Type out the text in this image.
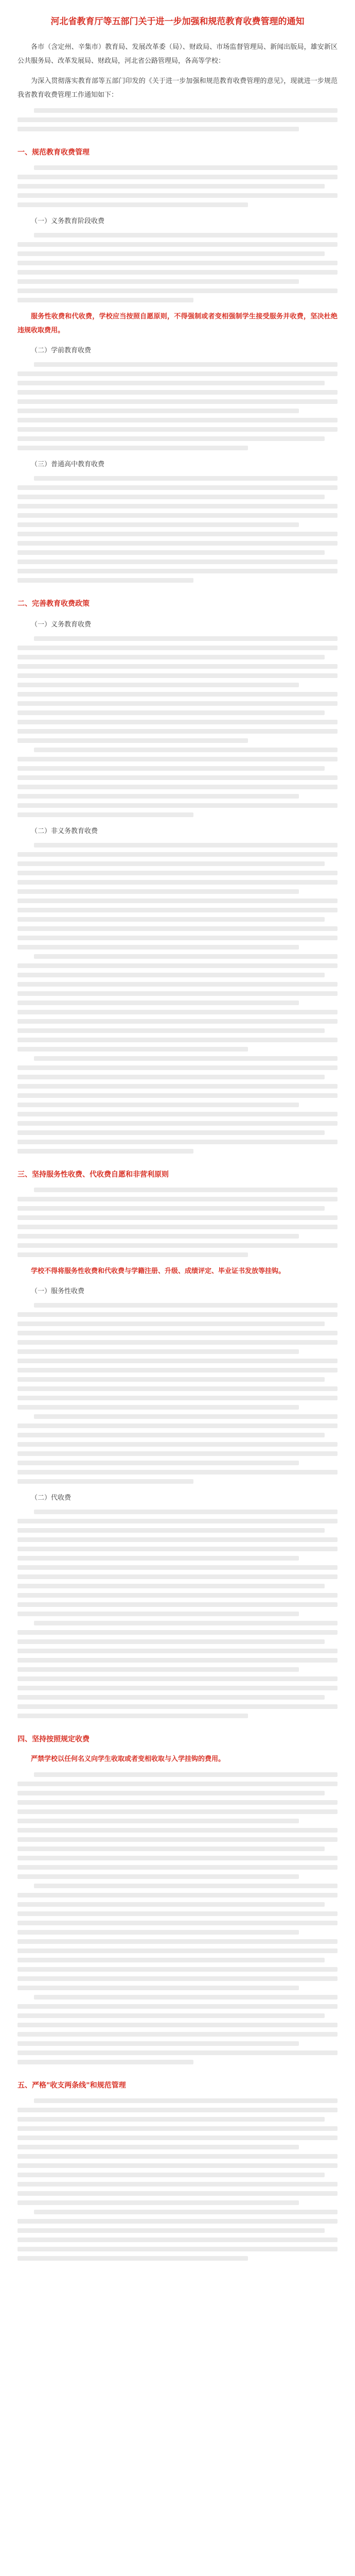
河北省教育厅等五部门关于进一步加强和规范教育收费管理的通知
各市（含定州、辛集市）教育局、发展改革委（局）、财政局、市场监督管理局、新闻出版局，雄安新区公共服务局、改革发展局、财政局，河北省公路管理局，各高等学校：
为深入贯彻落实教育部等五部门印发的《关于进一步加强和规范教育收费管理的意见》，现就进一步规范我省教育收费管理工作通知如下：
一、规范教育收费管理
（一）义务教育阶段收费
服务性收费和代收费，学校应当按照自愿原则，不得强制或者变相强制学生接受服务并收费，坚决杜绝违规收取费用。
（二）学前教育收费
（三）普通高中教育收费
二、完善教育收费政策
（一）义务教育收费
（二）非义务教育收费
三、坚持服务性收费、代收费自愿和非营利原则
学校不得将服务性收费和代收费与学籍注册、升级、成绩评定、毕业证书发放等挂钩。
（一）服务性收费
（二）代收费
四、坚持按照规定收费
严禁学校以任何名义向学生收取或者变相收取与入学挂钩的费用。
五、严格"收支两条线"和规范管理
